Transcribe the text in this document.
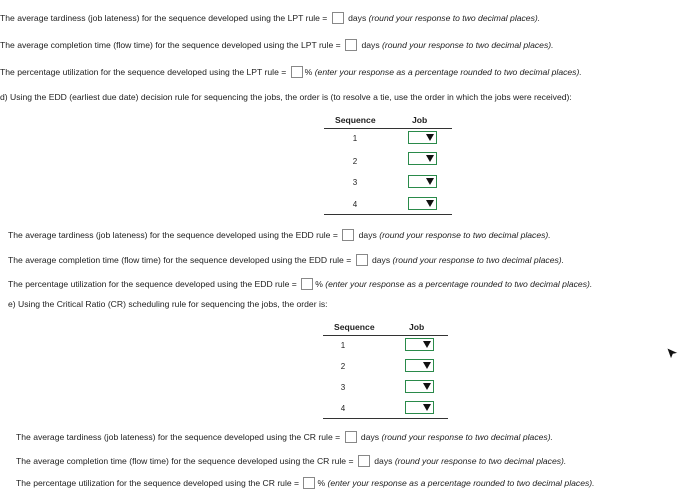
The average tardiness (job lateness) for the sequence developed using the LPT rule = days (round your response to two decimal places).
The average completion time (flow time) for the sequence developed using the LPT rule = days (round your response to two decimal places).
The percentage utilization for the sequence developed using the LPT rule = % (enter your response as a percentage rounded to two decimal places).
d) Using the EDD (earliest due date) decision rule for sequencing the jobs, the order is (to resolve a tie, use the order in which the jobs were received):
Sequence	Job
1
2
3
4
The average tardiness (job lateness) for the sequence developed using the EDD rule = days (round your response to two decimal places).
The average completion time (flow time) for the sequence developed using the EDD rule = days (round your response to two decimal places).
The percentage utilization for the sequence developed using the EDD rule = % (enter your response as a percentage rounded to two decimal places).
e) Using the Critical Ratio (CR) scheduling rule for sequencing the jobs, the order is:
Sequence	Job
1
2
3
4
The average tardiness (job lateness) for the sequence developed using the CR rule = days (round your response to two decimal places).
The average completion time (flow time) for the sequence developed using the CR rule = days (round your response to two decimal places).
The percentage utilization for the sequence developed using the CR rule = % (enter your response as a percentage rounded to two decimal places).
